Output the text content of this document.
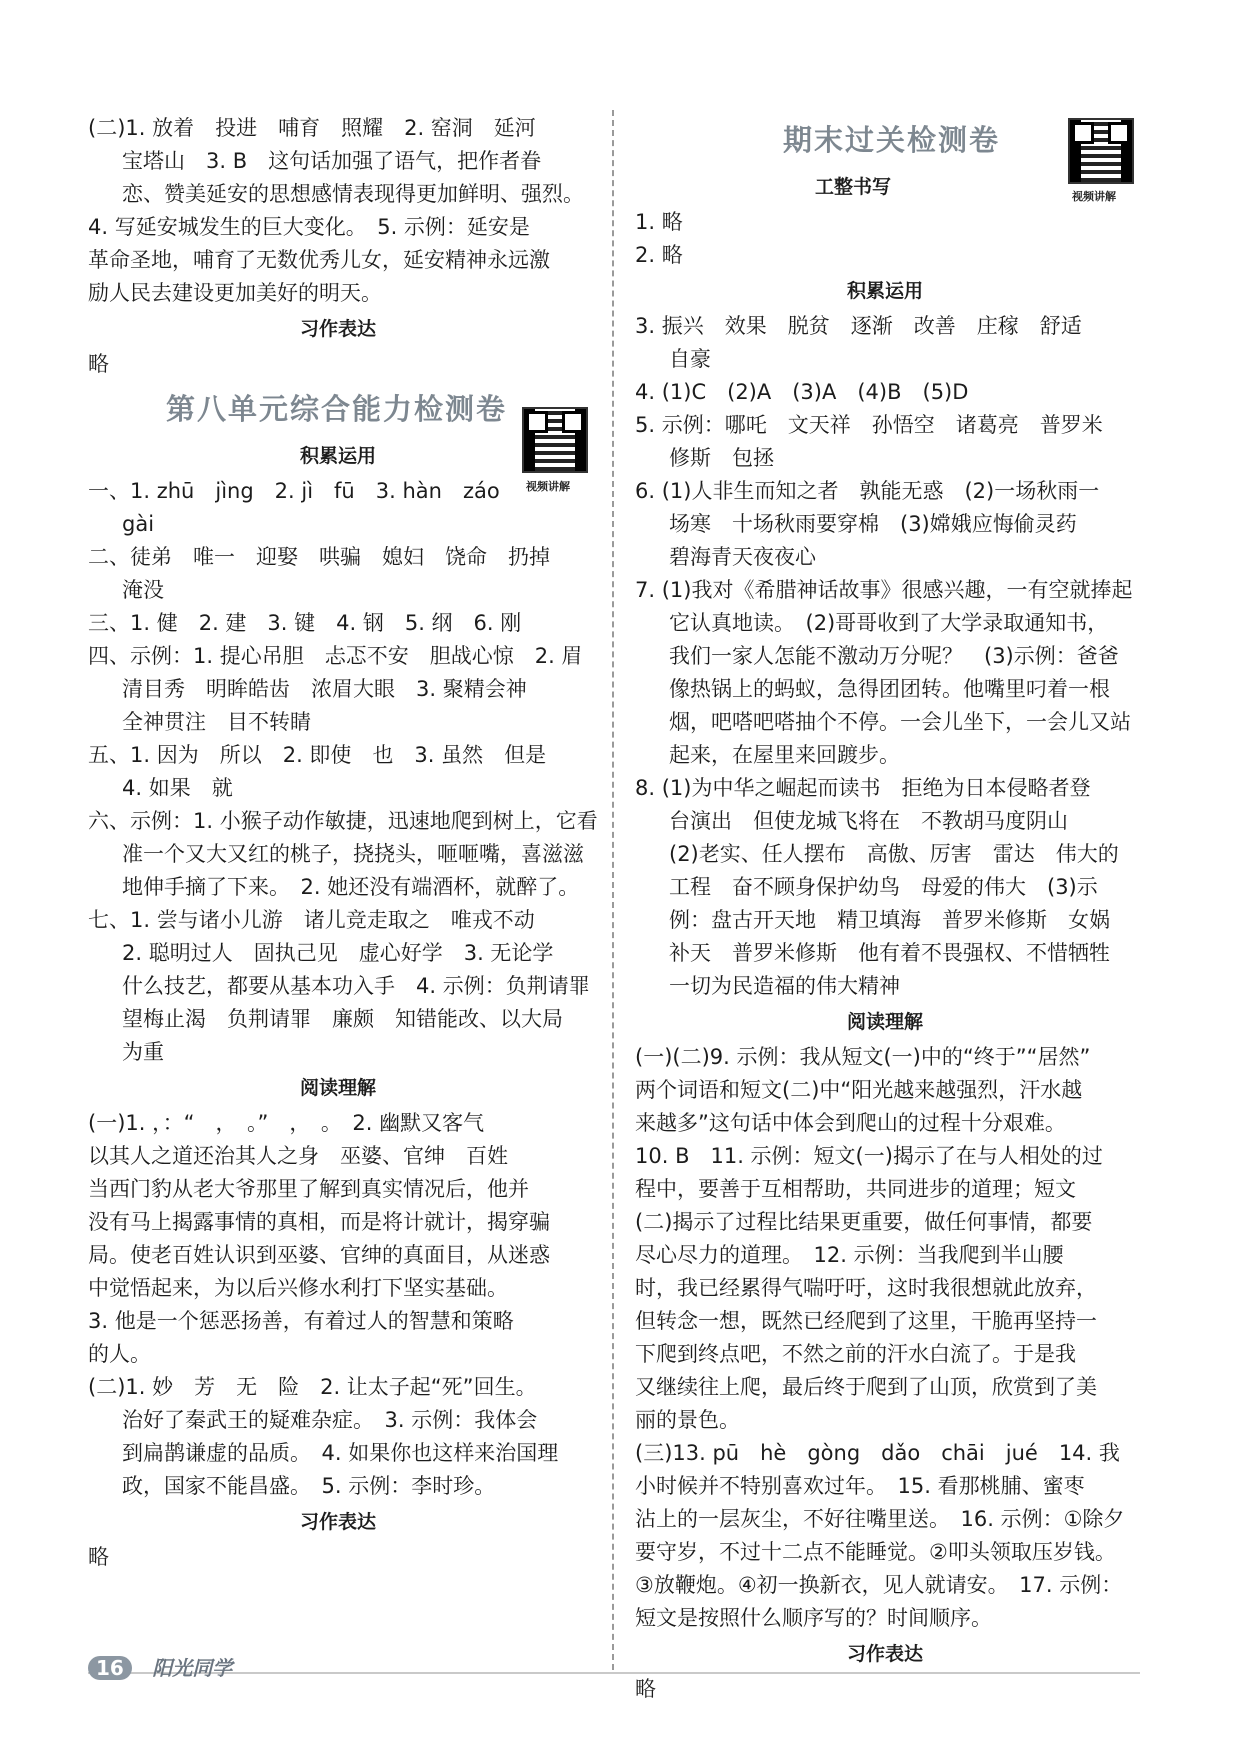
(二)1. 放着　投进　哺育　照耀　2. 窑洞　延河
宝塔山　3. B　这句话加强了语气，把作者眷
恋、赞美延安的思想感情表现得更加鲜明、强烈。
4. 写延安城发生的巨大变化。　5. 示例：延安是
革命圣地，哺育了无数优秀儿女，延安精神永远激
励人民去建设更加美好的明天。
习作表达
略
第八单元综合能力检测卷
积累运用
一、1. zhū　jìng　2. jì　fū　3. hàn　záo
gài
二、徒弟　唯一　迎娶　哄骗　媳妇　饶命　扔掉
淹没
三、1. 健　2. 建　3. 键　4. 钢　5. 纲　6. 刚
四、示例：1. 提心吊胆　忐忑不安　胆战心惊　2. 眉
清目秀　明眸皓齿　浓眉大眼　3. 聚精会神
全神贯注　目不转睛
五、1. 因为　所以　2. 即使　也　3. 虽然　但是
4. 如果　就
六、示例：1. 小猴子动作敏捷，迅速地爬到树上，它看
准一个又大又红的桃子，挠挠头，咂咂嘴，喜滋滋
地伸手摘了下来。　2. 她还没有端酒杯，就醉了。
七、1. 尝与诸小儿游　诸儿竞走取之　唯戎不动
2. 聪明过人　固执己见　虚心好学　3. 无论学
什么技艺，都要从基本功入手　4. 示例：负荆请罪
望梅止渴　负荆请罪　廉颇　知错能改、以大局
为重
阅读理解
(一)1. ，：“　，　。”　，　。　2. 幽默又客气
以其人之道还治其人之身　巫婆、官绅　百姓
当西门豹从老大爷那里了解到真实情况后，他并
没有马上揭露事情的真相，而是将计就计，揭穿骗
局。使老百姓认识到巫婆、官绅的真面目，从迷惑
中觉悟起来，为以后兴修水利打下坚实基础。
3. 他是一个惩恶扬善，有着过人的智慧和策略
的人。
(二)1. 妙　芳　无　险　2. 让太子起“死”回生。
治好了秦武王的疑难杂症。　3. 示例：我体会
到扁鹊谦虚的品质。　4. 如果你也这样来治国理
政，国家不能昌盛。　5. 示例：李时珍。
习作表达
略
视频讲解
期末过关检测卷
工整书写
1. 略
2. 略
积累运用
3. 振兴　效果　脱贫　逐渐　改善　庄稼　舒适
自豪
4. (1)C　(2)A　(3)A　(4)B　(5)D
5. 示例：哪吒　文天祥　孙悟空　诸葛亮　普罗米
修斯　包拯
6. (1)人非生而知之者　孰能无惑　(2)一场秋雨一
场寒　十场秋雨要穿棉　(3)嫦娥应悔偷灵药
碧海青天夜夜心
7. (1)我对《希腊神话故事》很感兴趣，一有空就捧起
它认真地读。　(2)哥哥收到了大学录取通知书，
我们一家人怎能不激动万分呢？　(3)示例：爸爸
像热锅上的蚂蚁，急得团团转。他嘴里叼着一根
烟，吧嗒吧嗒抽个不停。一会儿坐下，一会儿又站
起来，在屋里来回踱步。
8. (1)为中华之崛起而读书　拒绝为日本侵略者登
台演出　但使龙城飞将在　不教胡马度阴山
(2)老实、任人摆布　高傲、厉害　雷达　伟大的
工程　奋不顾身保护幼鸟　母爱的伟大　(3)示
例：盘古开天地　精卫填海　普罗米修斯　女娲
补天　普罗米修斯　他有着不畏强权、不惜牺牲
一切为民造福的伟大精神
阅读理解
(一)(二)9. 示例：我从短文(一)中的“终于”“居然”
两个词语和短文(二)中“阳光越来越强烈，汗水越
来越多”这句话中体会到爬山的过程十分艰难。
10. B　11. 示例：短文(一)揭示了在与人相处的过
程中，要善于互相帮助，共同进步的道理；短文
(二)揭示了过程比结果更重要，做任何事情，都要
尽心尽力的道理。　12. 示例：当我爬到半山腰
时，我已经累得气喘吁吁，这时我很想就此放弃，
但转念一想，既然已经爬到了这里，干脆再坚持一
下爬到终点吧，不然之前的汗水白流了。于是我
又继续往上爬，最后终于爬到了山顶，欣赏到了美
丽的景色。
(三)13. pū　hè　gòng　dǎo　chāi　jué　14. 我
小时候并不特别喜欢过年。　15. 看那桃脯、蜜枣
沾上的一层灰尘，不好往嘴里送。　16. 示例：①除夕
要守岁，不过十二点不能睡觉。②叩头领取压岁钱。
③放鞭炮。④初一换新衣，见人就请安。　17. 示例：
短文是按照什么顺序写的？时间顺序。
习作表达
略
视频讲解
16 阳光同学
